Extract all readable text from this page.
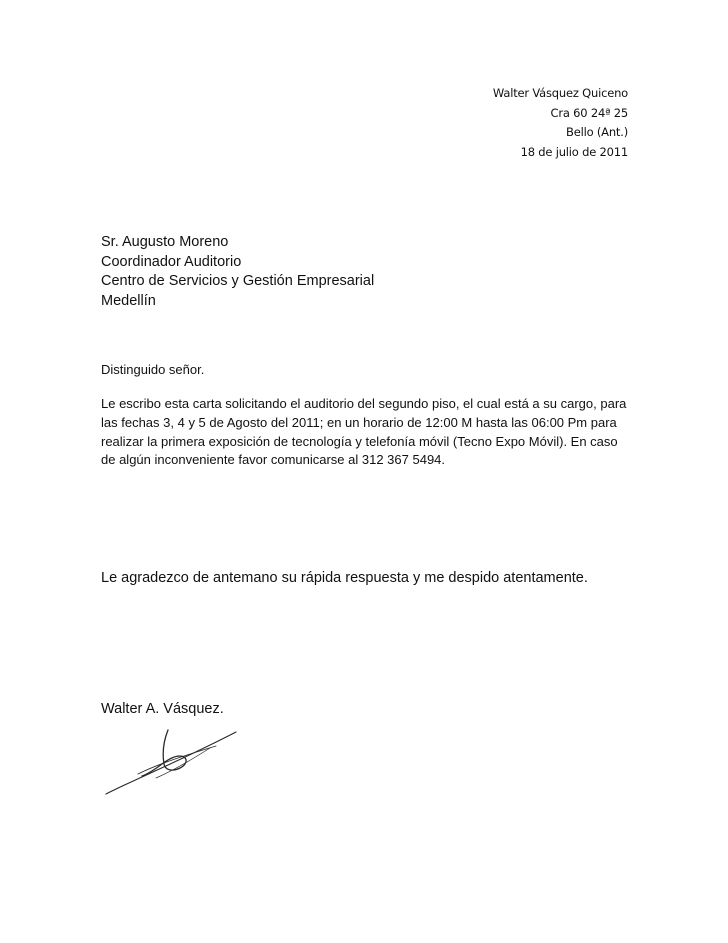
Walter Vásquez Quiceno
Cra 60 24ª 25
Bello (Ant.)
18 de julio de 2011
Sr. Augusto Moreno
Coordinador Auditorio
Centro de Servicios y Gestión Empresarial
Medellín
Distinguido señor.
Le escribo esta carta solicitando el auditorio del segundo piso, el cual está a su cargo, para las fechas 3, 4 y 5 de Agosto del 2011; en un horario de 12:00 M hasta las 06:00 Pm para realizar la primera exposición de tecnología y telefonía móvil (Tecno Expo Móvil). En caso de algún inconveniente favor comunicarse al 312 367 5494.
Le agradezco de antemano su rápida respuesta y me despido atentamente.
Walter A. Vásquez.
